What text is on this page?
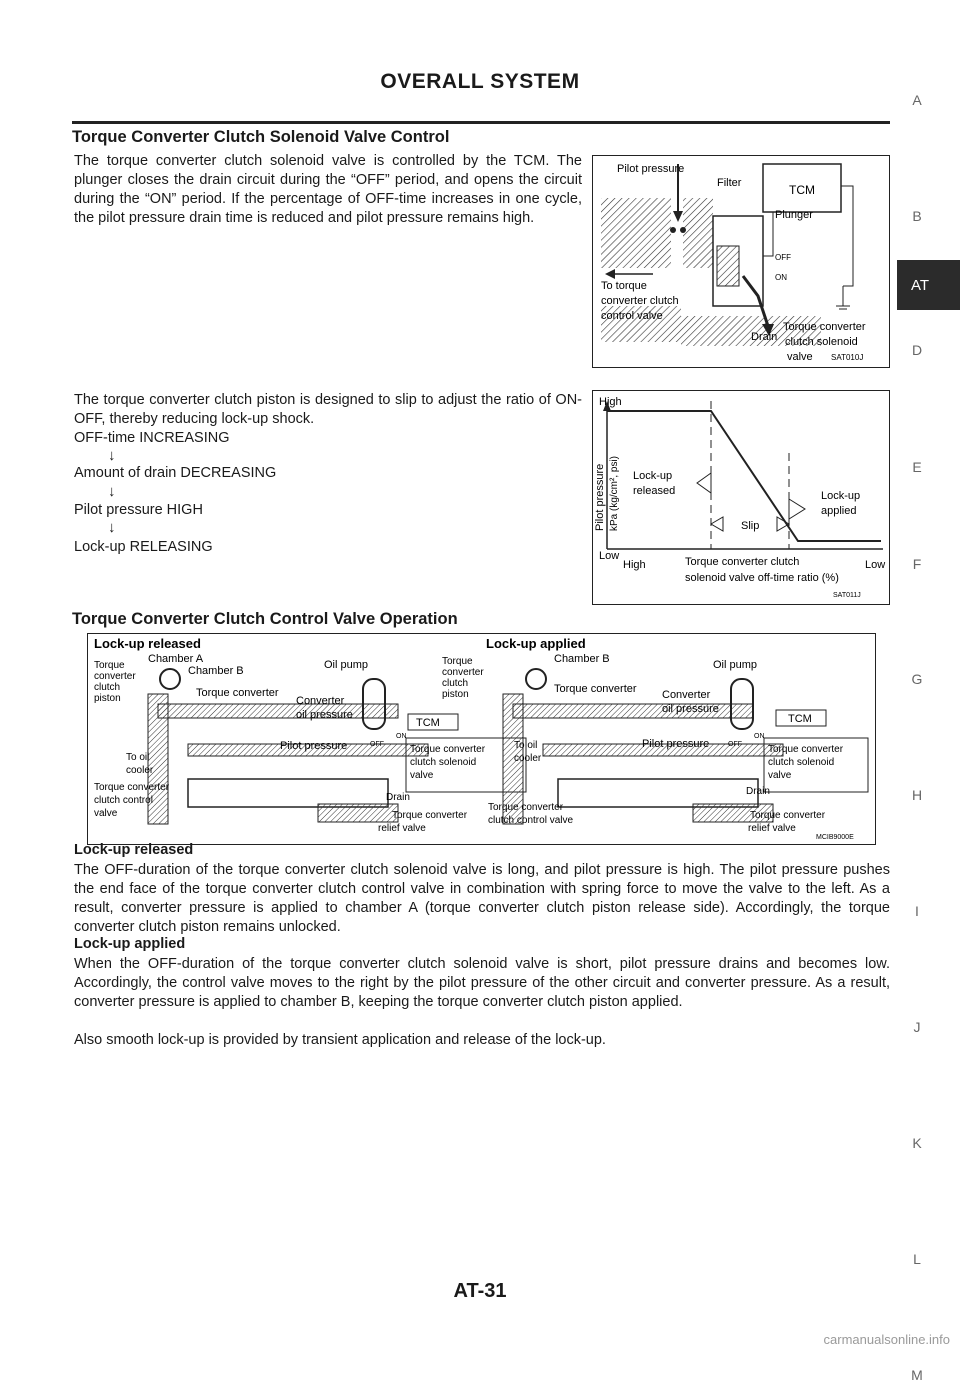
OVERALL SYSTEM
A
B
AT
D
E
F
G
H
I
J
K
L
M
Torque Converter Clutch Solenoid Valve Control
The torque converter clutch solenoid valve is controlled by the TCM. The plunger closes the drain circuit during the “OFF” period, and opens the circuit during the “ON” period. If the percentage of OFF-time increases in one cycle, the pilot pressure drain time is reduced and pilot pressure remains high.
The torque converter clutch piston is designed to slip to adjust the ratio of ON-OFF, thereby reducing lock-up shock.
OFF-time INCREASING
↓
Amount of drain DECREASING
↓
Pilot pressure HIGH
↓
Lock-up RELEASING
Pilot pressure
Filter	TCM
Plunger
OFF
ON
To torque
converter clutch
control valve
Drain
Torque converter
clutch solenoid
valve SAT010J
High
Low
Pilot pressure kPa (kg/cm², psi) Lock-up
released	Lock-up
applied
Slip
High	Low
Torque converter clutch
solenoid valve off-time ratio (%)
SAT011J
Torque Converter Clutch Control Valve Operation
Lock-up released
Chamber A
Chamber B
Torque
converter
clutch
piston	Torque converter
Oil pump
Converter
oil pressure
Pilot pressure
TCM
OFF
ON
Torque converter
clutch solenoid
valve
To oil
cooler
Drain
Torque converter
clutch control
valve	Torque converter
relief valve
Lock-up applied
Chamber B
Torque
converter
clutch
piston	Torque converter
Oil pump
Converter
oil pressure
Pilot pressure
TCM
OFF
ON
Torque converter
clutch solenoid
valve
To oil
cooler
Drain
Torque converter
clutch control valve	Torque converter
relief valve
MCIB9000E
Lock-up released
The OFF-duration of the torque converter clutch solenoid valve is long, and pilot pressure is high. The pilot pressure pushes the end face of the torque converter clutch control valve in combination with spring force to move the valve to the left. As a result, converter pressure is applied to chamber A (torque converter clutch piston release side). Accordingly, the torque converter clutch piston remains unlocked.
Lock-up applied
When the OFF-duration of the torque converter clutch solenoid valve is short, pilot pressure drains and becomes low. Accordingly, the control valve moves to the right by the pilot pressure of the other circuit and converter pressure. As a result, converter pressure is applied to chamber B, keeping the torque converter clutch piston applied.
Also smooth lock-up is provided by transient application and release of the lock-up.
AT-31
carmanualsonline.info
